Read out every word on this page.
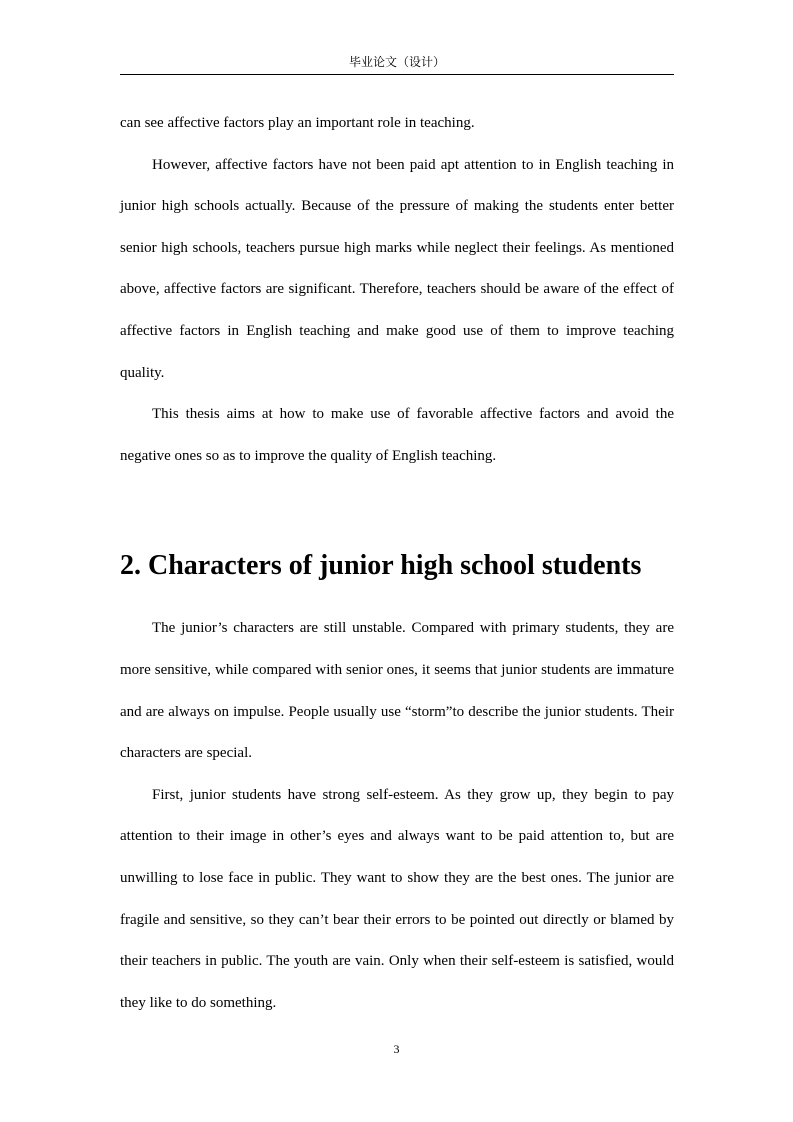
毕业论文（设计）

can see affective factors play an important role in teaching.

However, affective factors have not been paid apt attention to in English teaching in junior high schools actually. Because of the pressure of making the students enter better senior high schools, teachers pursue high marks while neglect their feelings. As mentioned above, affective factors are significant. Therefore, teachers should be aware of the effect of affective factors in English teaching and make good use of them to improve teaching quality.

This thesis aims at how to make use of favorable affective factors and avoid the negative ones so as to improve the quality of English teaching.

2. Characters of junior high school students

The junior’s characters are still unstable. Compared with primary students, they are more sensitive, while compared with senior ones, it seems that junior students are immature and are always on impulse. People usually use “storm”to describe the junior students. Their characters are special.

First, junior students have strong self-esteem. As they grow up, they begin to pay attention to their image in other’s eyes and always want to be paid attention to, but are unwilling to lose face in public. They want to show they are the best ones. The junior are fragile and sensitive, so they can’t bear their errors to be pointed out directly or blamed by their teachers in public. The youth are vain. Only when their self-esteem is satisfied, would they like to do something.

3
